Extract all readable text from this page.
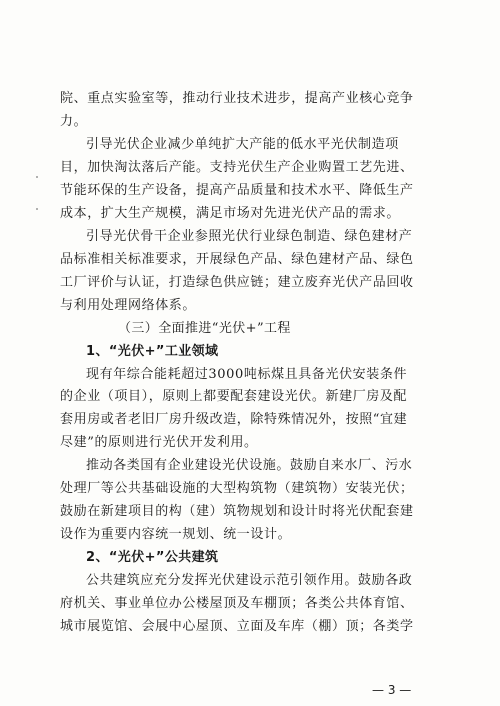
院、重点实验室等，推动行业技术进步，提高产业核心竞争
力。
引导光伏企业减少单纯扩大产能的低水平光伏制造项
目，加快淘汰落后产能。支持光伏生产企业购置工艺先进、
节能环保的生产设备，提高产品质量和技术水平、降低生产
成本，扩大生产规模，满足市场对先进光伏产品的需求。
引导光伏骨干企业参照光伏行业绿色制造、绿色建材产
品标准相关标准要求，开展绿色产品、绿色建材产品、绿色
工厂评价与认证，打造绿色供应链；建立废弃光伏产品回收
与利用处理网络体系。
（三）全面推进“光伏+”工程
1、“光伏+”工业领域
现有年综合能耗超过3000吨标煤且具备光伏安装条件
的企业（项目），原则上都要配套建设光伏。新建厂房及配
套用房或者老旧厂房升级改造，除特殊情况外，按照“宜建
尽建”的原则进行光伏开发利用。
推动各类国有企业建设光伏设施。鼓励自来水厂、污水
处理厂等公共基础设施的大型构筑物（建筑物）安装光伏；
鼓励在新建项目的构（建）筑物规划和设计时将光伏配套建
设作为重要内容统一规划、统一设计。
2、“光伏+”公共建筑
公共建筑应充分发挥光伏建设示范引领作用。鼓励各政
府机关、事业单位办公楼屋顶及车棚顶；各类公共体育馆、
城市展览馆、会展中心屋顶、立面及车库（棚）顶；各类学
— 3 —
